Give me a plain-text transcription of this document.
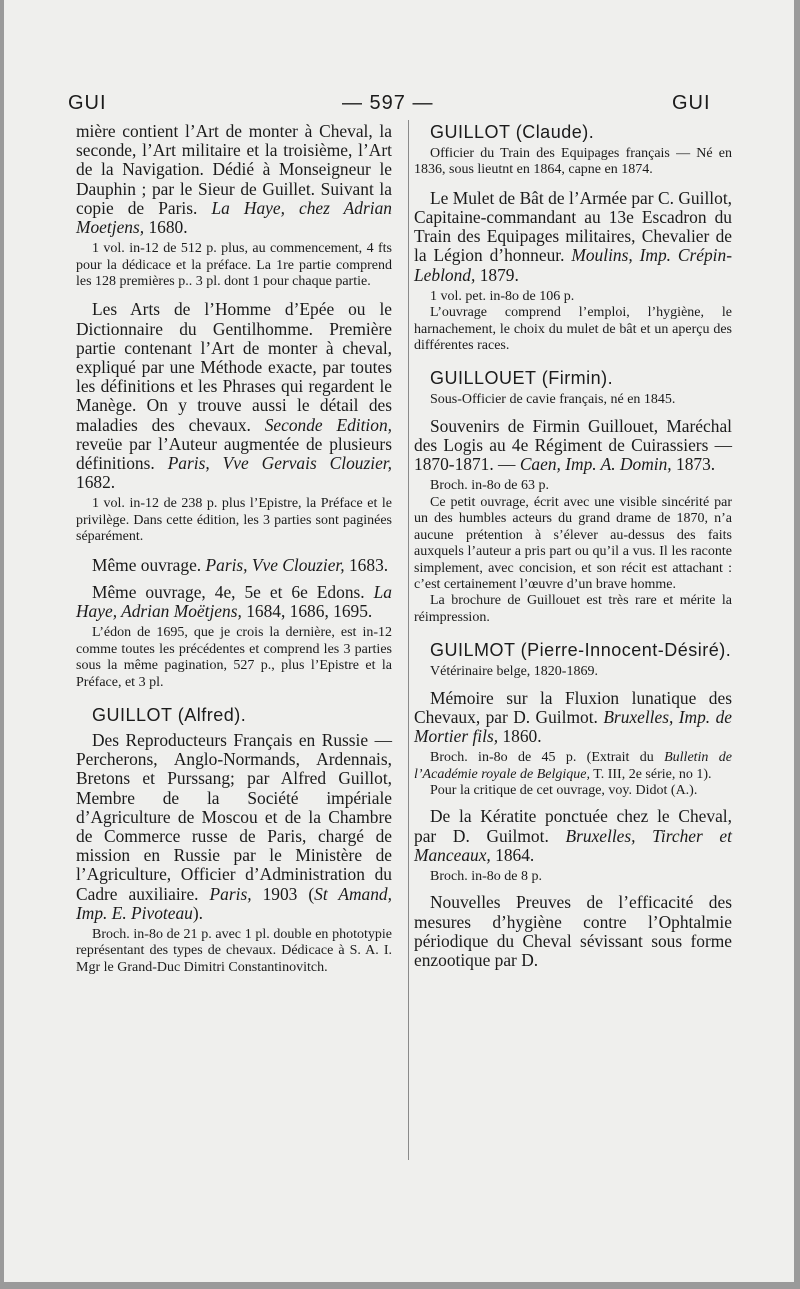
GUI	— 597 —	GUI

mière contient l’Art de monter à Cheval, la seconde, l’Art militaire et la troisième, l’Art de la Navigation. Dédié à Monseigneur le Dauphin ; par le Sieur de Guillet. Suivant la copie de Paris. La Haye, chez Adrian Moetjens, 1680.

1 vol. in-12 de 512 p. plus, au commencement, 4 fts pour la dédicace et la préface. La 1re partie comprend les 128 premières p.. 3 pl. dont 1 pour chaque partie.

Les Arts de l’Homme d’Epée ou le Dictionnaire du Gentilhomme. Première partie contenant l’Art de monter à cheval, expliqué par une Méthode exacte, par toutes les définitions et les Phrases qui regardent le Manège. On y trouve aussi le détail des maladies des chevaux. Seconde Edition, reveüe par l’Auteur augmentée de plusieurs définitions. Paris, Vve Gervais Clouzier, 1682.

1 vol. in-12 de 238 p. plus l’Epistre, la Préface et le privilège. Dans cette édition, les 3 parties sont paginées séparément.

Même ouvrage. Paris, Vve Clouzier, 1683.

Même ouvrage, 4e, 5e et 6e Edons. La Haye, Adrian Moëtjens, 1684, 1686, 1695.

L’édon de 1695, que je crois la dernière, est in-12 comme toutes les précédentes et comprend les 3 parties sous la même pagination, 527 p., plus l’Epistre et la Préface, et 3 pl.

GUILLOT (Alfred).

Des Reproducteurs Français en Russie — Percherons, Anglo-Normands, Ardennais, Bretons et Purssang; par Alfred Guillot, Membre de la Société impériale d’Agriculture de Moscou et de la Chambre de Commerce russe de Paris, chargé de mission en Russie par le Ministère de l’Agriculture, Officier d’Administration du Cadre auxiliaire. Paris, 1903 (St Amand, Imp. E. Pivoteau).

Broch. in-8o de 21 p. avec 1 pl. double en phototypie représentant des types de chevaux. Dédicace à S. A. I. Mgr le Grand-Duc Dimitri Constantinovitch.

GUILLOT (Claude).

Officier du Train des Equipages français — Né en 1836, sous lieutnt en 1864, capne en 1874.

Le Mulet de Bât de l’Armée par C. Guillot, Capitaine-commandant au 13e Escadron du Train des Equipages militaires, Chevalier de la Légion d’honneur. Moulins, Imp. Crépin-Leblond, 1879.

1 vol. pet. in-8o de 106 p.

L’ouvrage comprend l’emploi, l’hygiène, le harnachement, le choix du mulet de bât et un aperçu des différentes races.

GUILLOUET (Firmin).

Sous-Officier de cavie français, né en 1845.

Souvenirs de Firmin Guillouet, Maréchal des Logis au 4e Régiment de Cuirassiers — 1870-1871. — Caen, Imp. A. Domin, 1873.

Broch. in-8o de 63 p.

Ce petit ouvrage, écrit avec une visible sincérité par un des humbles acteurs du grand drame de 1870, n’a aucune prétention à s’élever au-dessus des faits auxquels l’auteur a pris part ou qu’il a vus. Il les raconte simplement, avec concision, et son récit est attachant : c’est certainement l’œuvre d’un brave homme.

La brochure de Guillouet est très rare et mérite la réimpression.

GUILMOT (Pierre-Innocent-Désiré).

Vétérinaire belge, 1820-1869.

Mémoire sur la Fluxion lunatique des Chevaux, par D. Guilmot. Bruxelles, Imp. de Mortier fils, 1860.

Broch. in-8o de 45 p. (Extrait du Bulletin de l’Académie royale de Belgique, T. III, 2e série, no 1).

Pour la critique de cet ouvrage, voy. Didot (A.).

De la Kératite ponctuée chez le Cheval, par D. Guilmot. Bruxelles, Tircher et Manceaux, 1864.

Broch. in-8o de 8 p.

Nouvelles Preuves de l’efficacité des mesures d’hygiène contre l’Ophtalmie périodique du Cheval sévissant sous forme enzootique par D.
